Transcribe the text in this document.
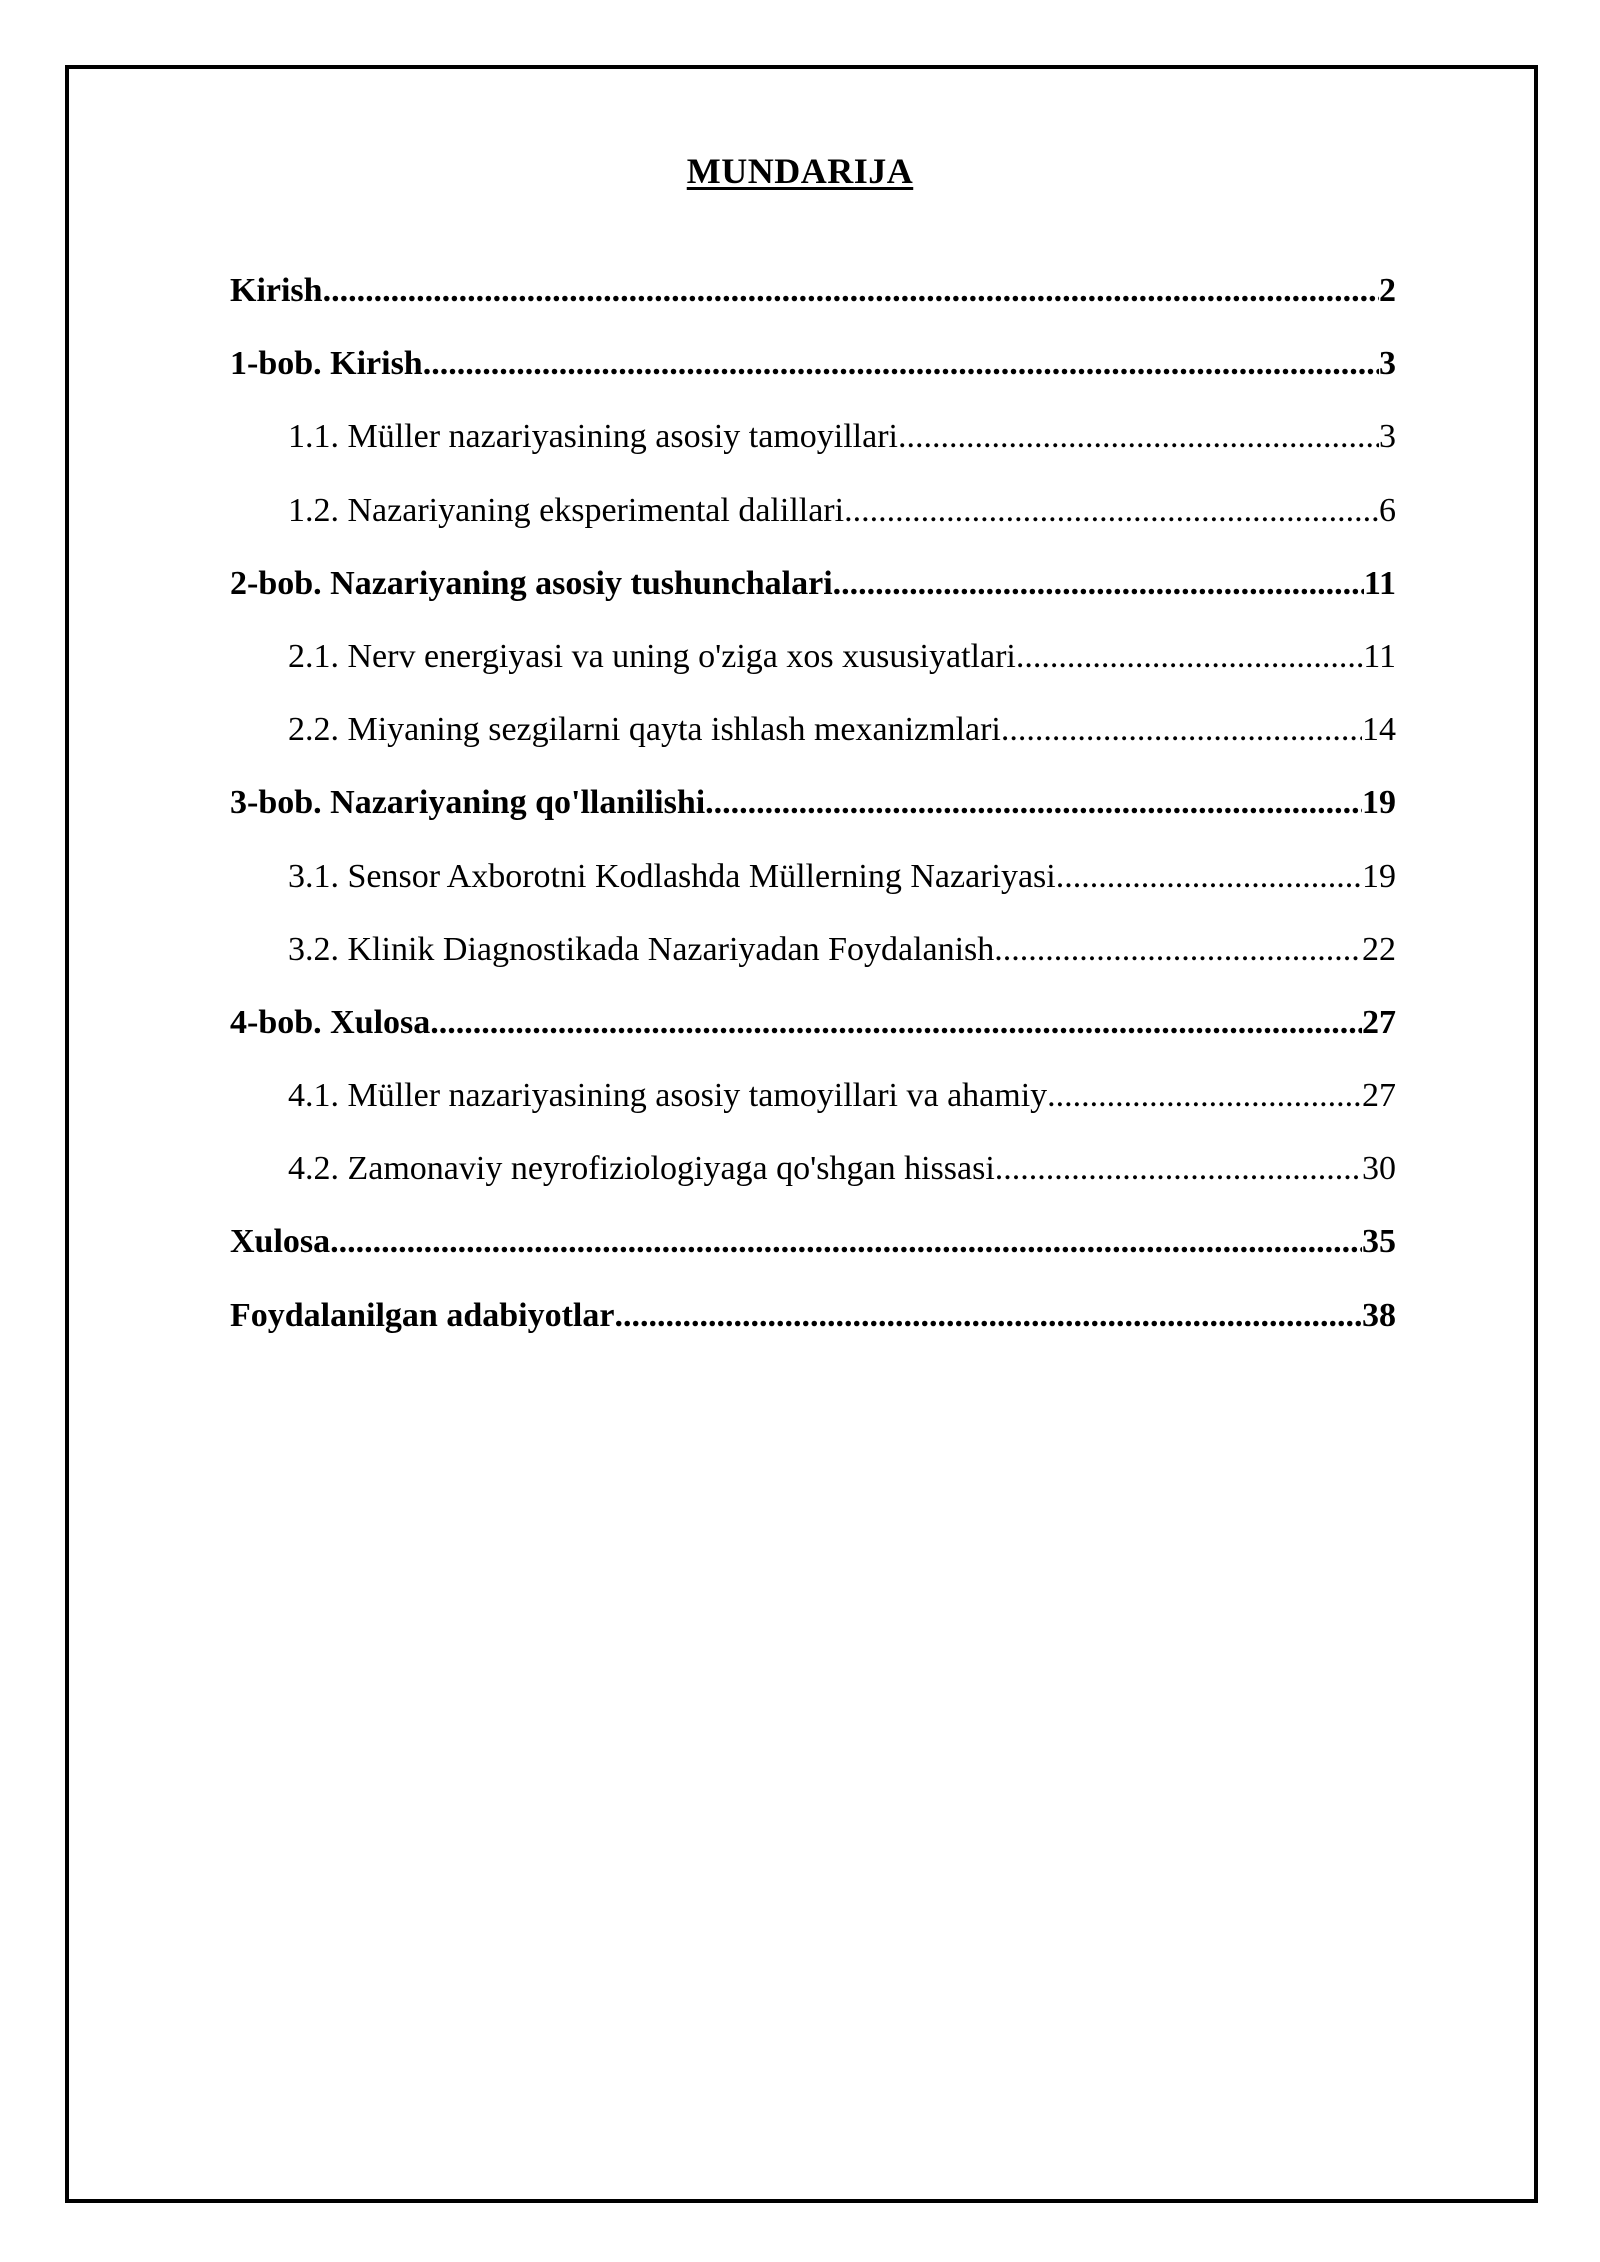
MUNDARIJA
Kirish .....	2
1-bob. Kirish .....	3
1.1. Müller nazariyasining asosiy tamoyillari .....	3
1.2. Nazariyaning eksperimental dalillari .....	6
2-bob. Nazariyaning asosiy tushunchalari .....	11
2.1. Nerv energiyasi va uning o'ziga xos xususiyatlari .....	11
2.2. Miyaning sezgilarni qayta ishlash mexanizmlari .....	14
3-bob. Nazariyaning qo'llanilishi .....	19
3.1. Sensor Axborotni Kodlashda Müllerning Nazariyasi .....	19
3.2. Klinik Diagnostikada Nazariyadan Foydalanish .....	22
4-bob. Xulosa .....	27
4.1. Müller nazariyasining asosiy tamoyillari va ahamiy .....	27
4.2. Zamonaviy neyrofiziologiyaga qo'shgan hissasi .....	30
Xulosa .....	35
Foydalanilgan adabiyotlar .....	38
